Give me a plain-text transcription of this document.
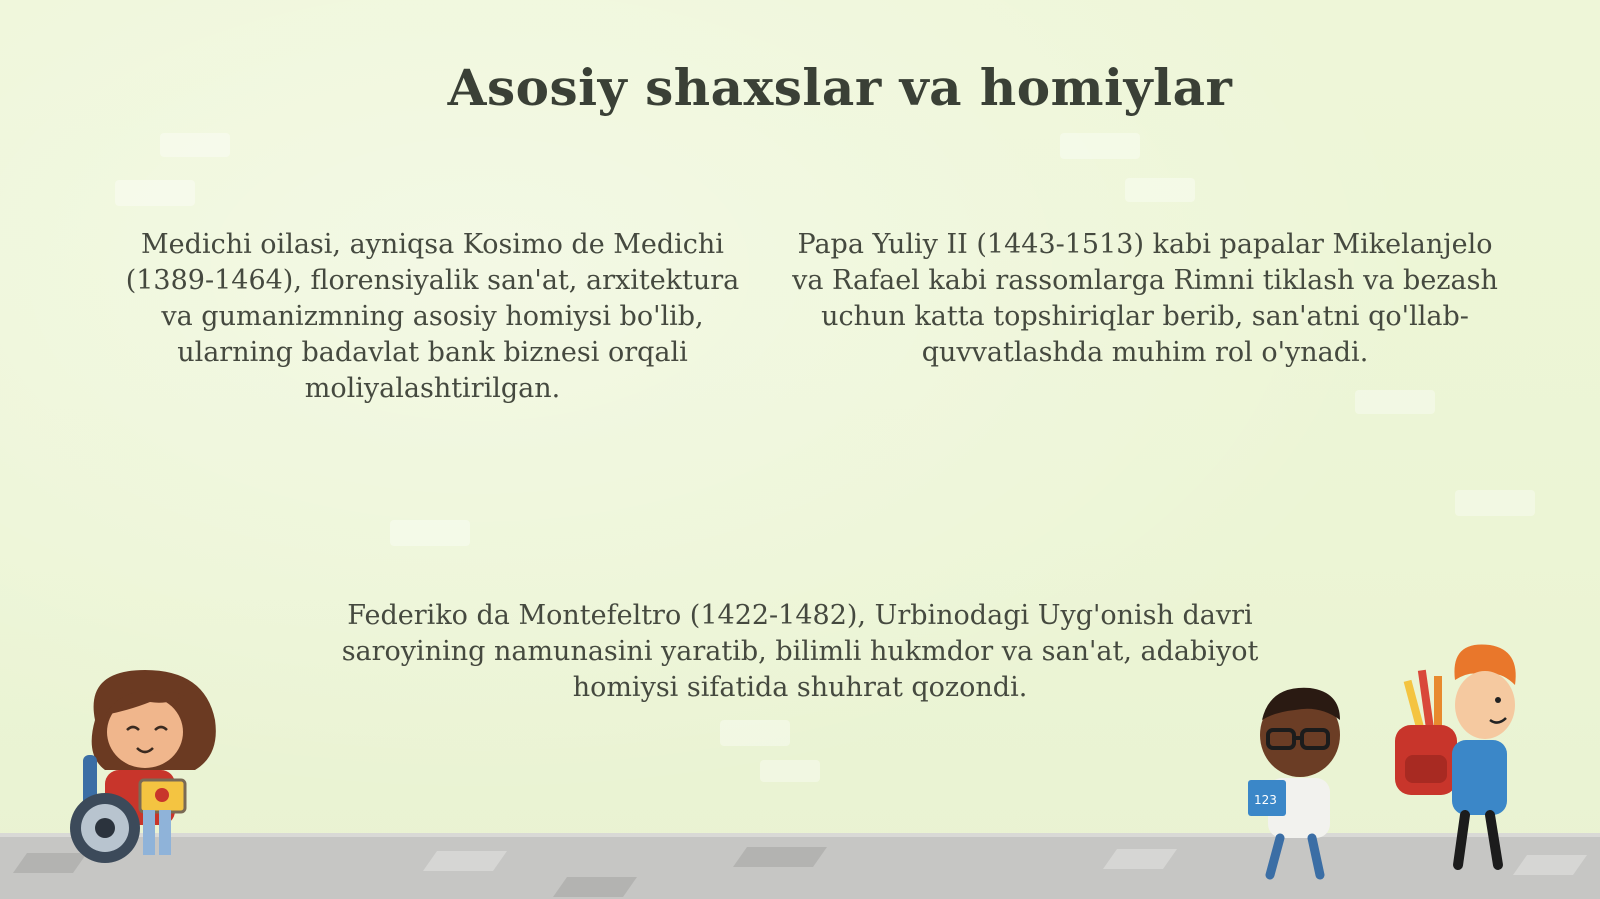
Asosiy shaxslar va homiylar

Medichi oilasi, ayniqsa Kosimo de Medichi (1389-1464), florensiyalik san'at, arxitektura va gumanizmning asosiy homiysi bo'lib, ularning badavlat bank biznesi orqali moliyalashtirilgan.

Papa Yuliy II (1443-1513) kabi papalar Mikelanjelo va Rafael kabi rassomlarga Rimni tiklash va bezash uchun katta topshiriqlar berib, san'atni qo'llab-quvvatlashda muhim rol o'ynadi.

Federiko da Montefeltro (1422-1482), Urbinodagi Uyg'onish davri saroyining namunasini yaratib, bilimli hukmdor va san'at, adabiyot homiysi sifatida shuhrat qozondi.

123
